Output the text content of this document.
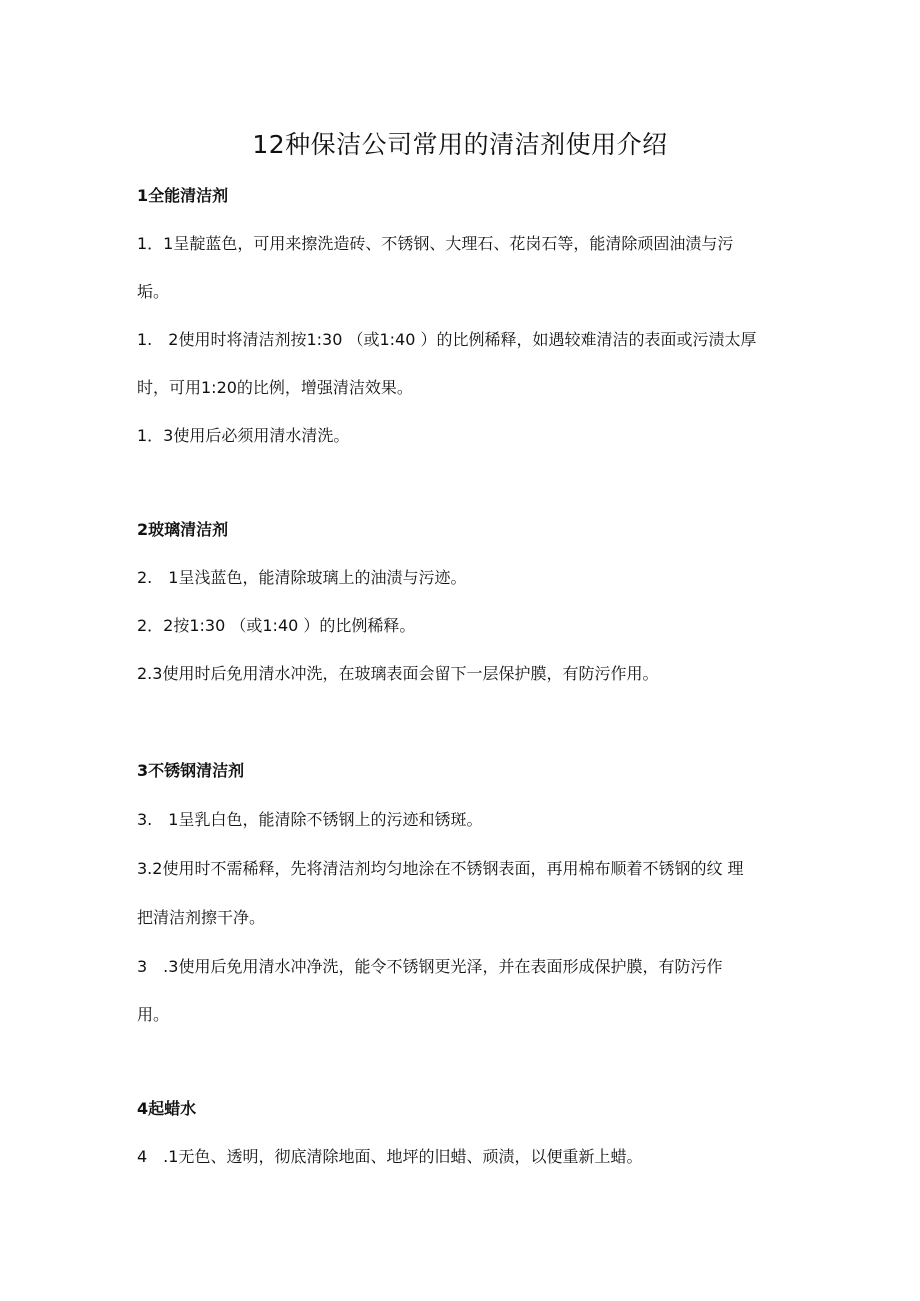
12种保洁公司常用的清洁剂使用介绍
1全能清洁剂
1．1呈靛蓝色，可用来擦洗造砖、不锈钢、大理石、花岗石等，能清除顽固油渍与污
垢。
1.　2使用时将清洁剂按1:30 （或1:40 ）的比例稀释，如遇较难清洁的表面或污渍太厚
时，可用1:20的比例，增强清洁效果。
1．3使用后必须用清水清洗。
2玻璃清洁剂
2.　1呈浅蓝色，能清除玻璃上的油渍与污迹。
2．2按1:30 （或1:40 ）的比例稀释。
2.3使用时后免用清水冲洗，在玻璃表面会留下一层保护膜，有防污作用。
3不锈钢清洁剂
3.　1呈乳白色，能清除不锈钢上的污迹和锈斑。
3.2使用时不需稀释，先将清洁剂均匀地涂在不锈钢表面，再用棉布顺着不锈钢的纹 理
把清洁剂擦干净。
3　.3使用后免用清水冲净洗，能令不锈钢更光泽，并在表面形成保护膜，有防污作
用。
4起蜡水
4　.1无色、透明，彻底清除地面、地坪的旧蜡、顽渍，以便重新上蜡。
